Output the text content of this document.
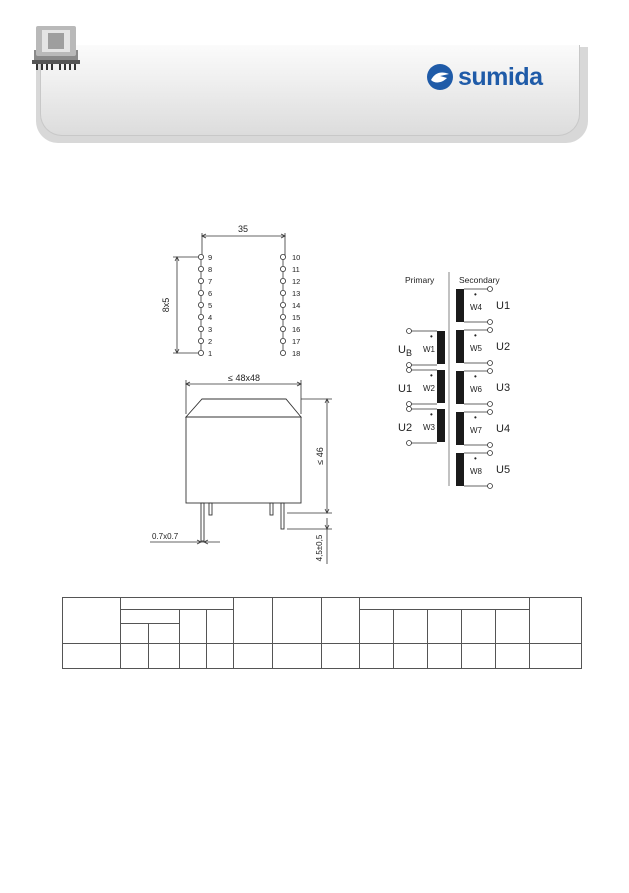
sumida
35
8x5
9
8
7
6
5
4
3
2
1
10
11
12
13
14
15
16
17
18
≤ 48x48
≤ 46
4,5±0,5
0.7x0.7
Primary	Secondary
W1
•
$U_B$
W2
•
U1
W3
•
U2
W4
•
U1
W5
•
U2
W6
•
U3
W7
•
U4
W8
•
U5
